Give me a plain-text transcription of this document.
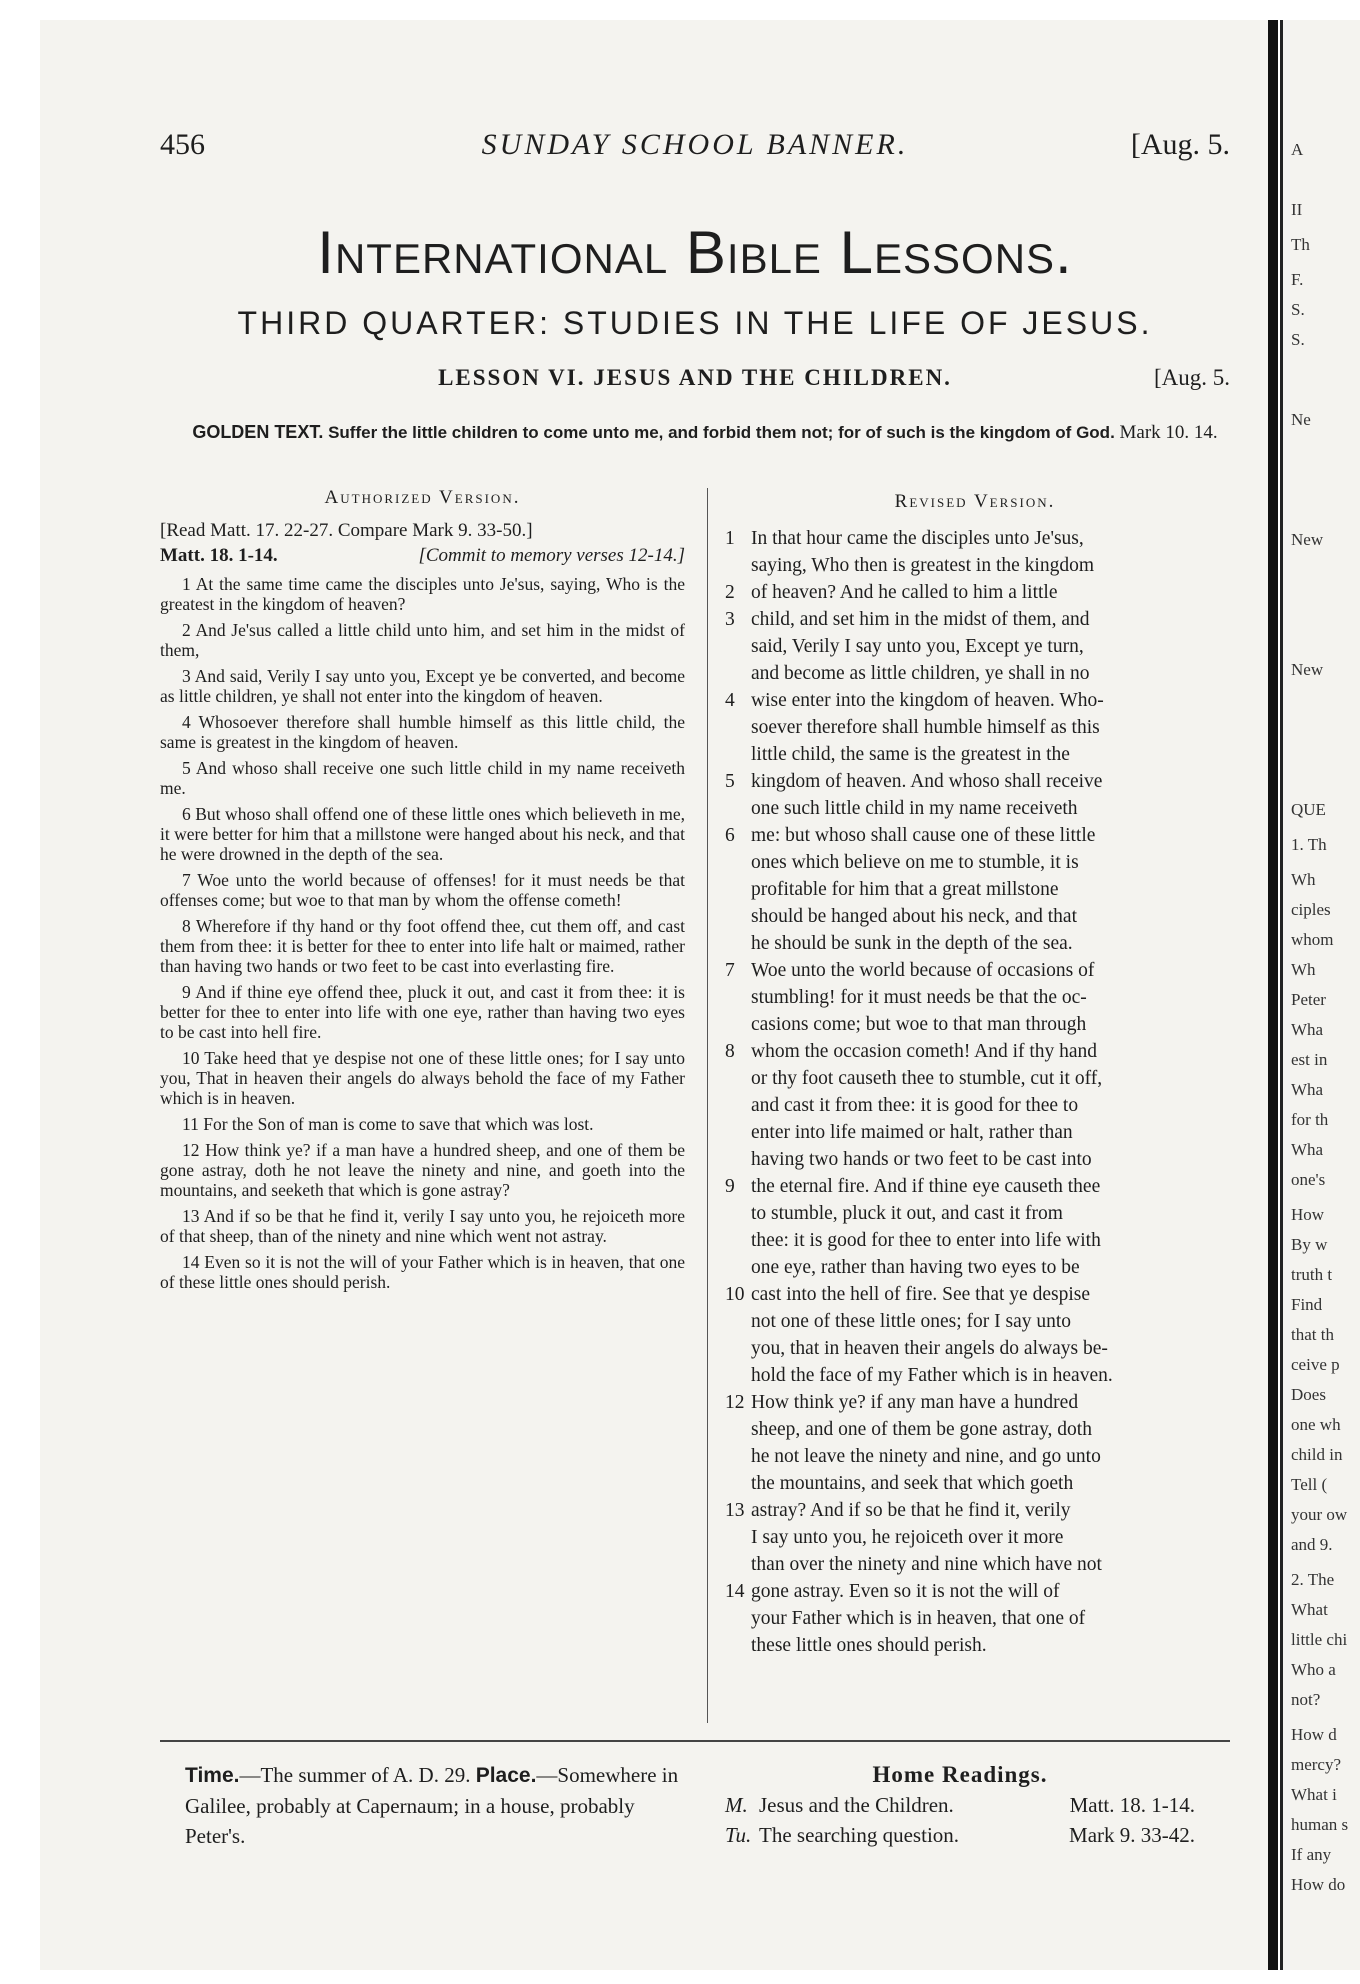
A
II
Th
F.
S.
S.
Ne
New
New
QUE
1. Th
Wh
ciples
whom
Wh
Peter
Wha
est in
Wha
for th
Wha
one's
How
By w
truth t
Find
that th
ceive p
Does
one wh
child in
Tell (
your ow
and 9.
2. The
What
little chi
Who a
not?
How d
mercy?
What i
human s
If any
How do
SUNDAY SCHOOL BANNER.
456	[Aug. 5.
International Bible Lessons.
THIRD QUARTER: STUDIES IN THE LIFE OF JESUS.
LESSON VI. JESUS AND THE CHILDREN.	[Aug. 5.
GOLDEN TEXT. Suffer the little children to come unto me, and forbid them not; for of such is the kingdom of God. Mark 10. 14.
Authorized Version.
[Read Matt. 17. 22-27. Compare Mark 9. 33-50.]
Matt. 18. 1-14.	[Commit to memory verses 12-14.]

1 At the same time came the disciples unto Je'sus, saying, Who is the greatest in the kingdom of heaven?

2 And Je'sus called a little child unto him, and set him in the midst of them,

3 And said, Verily I say unto you, Except ye be converted, and become as little children, ye shall not enter into the kingdom of heaven.

4 Whosoever therefore shall humble himself as this little child, the same is greatest in the kingdom of heaven.

5 And whoso shall receive one such little child in my name receiveth me.

6 But whoso shall offend one of these little ones which believeth in me, it were better for him that a millstone were hanged about his neck, and that he were drowned in the depth of the sea.

7 Woe unto the world because of offenses! for it must needs be that offenses come; but woe to that man by whom the offense cometh!

8 Wherefore if thy hand or thy foot offend thee, cut them off, and cast them from thee: it is better for thee to enter into life halt or maimed, rather than having two hands or two feet to be cast into everlasting fire.

9 And if thine eye offend thee, pluck it out, and cast it from thee: it is better for thee to enter into life with one eye, rather than having two eyes to be cast into hell fire.

10 Take heed that ye despise not one of these little ones; for I say unto you, That in heaven their angels do always behold the face of my Father which is in heaven.

11 For the Son of man is come to save that which was lost.

12 How think ye? if a man have a hundred sheep, and one of them be gone astray, doth he not leave the ninety and nine, and goeth into the mountains, and seeketh that which is gone astray?

13 And if so be that he find it, verily I say unto you, he rejoiceth more of that sheep, than of the ninety and nine which went not astray.

14 Even so it is not the will of your Father which is in heaven, that one of these little ones should perish.

Revised Version.
1 In that hour came the disciples unto Je'sus,
saying, Who then is greatest in the kingdom
2 of heaven? And he called to him a little
3 child, and set him in the midst of them, and
said, Verily I say unto you, Except ye turn,
and become as little children, ye shall in no
4 wise enter into the kingdom of heaven. Who-
soever therefore shall humble himself as this
little child, the same is the greatest in the
5 kingdom of heaven. And whoso shall receive
one such little child in my name receiveth
6 me: but whoso shall cause one of these little
ones which believe on me to stumble, it is
profitable for him that a great millstone
should be hanged about his neck, and that
he should be sunk in the depth of the sea.
7 Woe unto the world because of occasions of
stumbling! for it must needs be that the oc-
casions come; but woe to that man through
8 whom the occasion cometh! And if thy hand
or thy foot causeth thee to stumble, cut it off,
and cast it from thee: it is good for thee to
enter into life maimed or halt, rather than
having two hands or two feet to be cast into
9 the eternal fire. And if thine eye causeth thee
to stumble, pluck it out, and cast it from
thee: it is good for thee to enter into life with
one eye, rather than having two eyes to be
10 cast into the hell of fire. See that ye despise
not one of these little ones; for I say unto
you, that in heaven their angels do always be-
hold the face of my Father which is in heaven.
12 How think ye? if any man have a hundred
sheep, and one of them be gone astray, doth
he not leave the ninety and nine, and go unto
the mountains, and seek that which goeth
13 astray? And if so be that he find it, verily
I say unto you, he rejoiceth over it more
than over the ninety and nine which have not
14 gone astray. Even so it is not the will of
your Father which is in heaven, that one of
these little ones should perish.
Time.—The summer of A. D. 29. Place.—Somewhere in Galilee, probably at Capernaum; in a house, probably Peter's.
Home Readings.
M. Jesus and the Children.	Matt. 18. 1-14.
Tu. The searching question.	Mark 9. 33-42.
